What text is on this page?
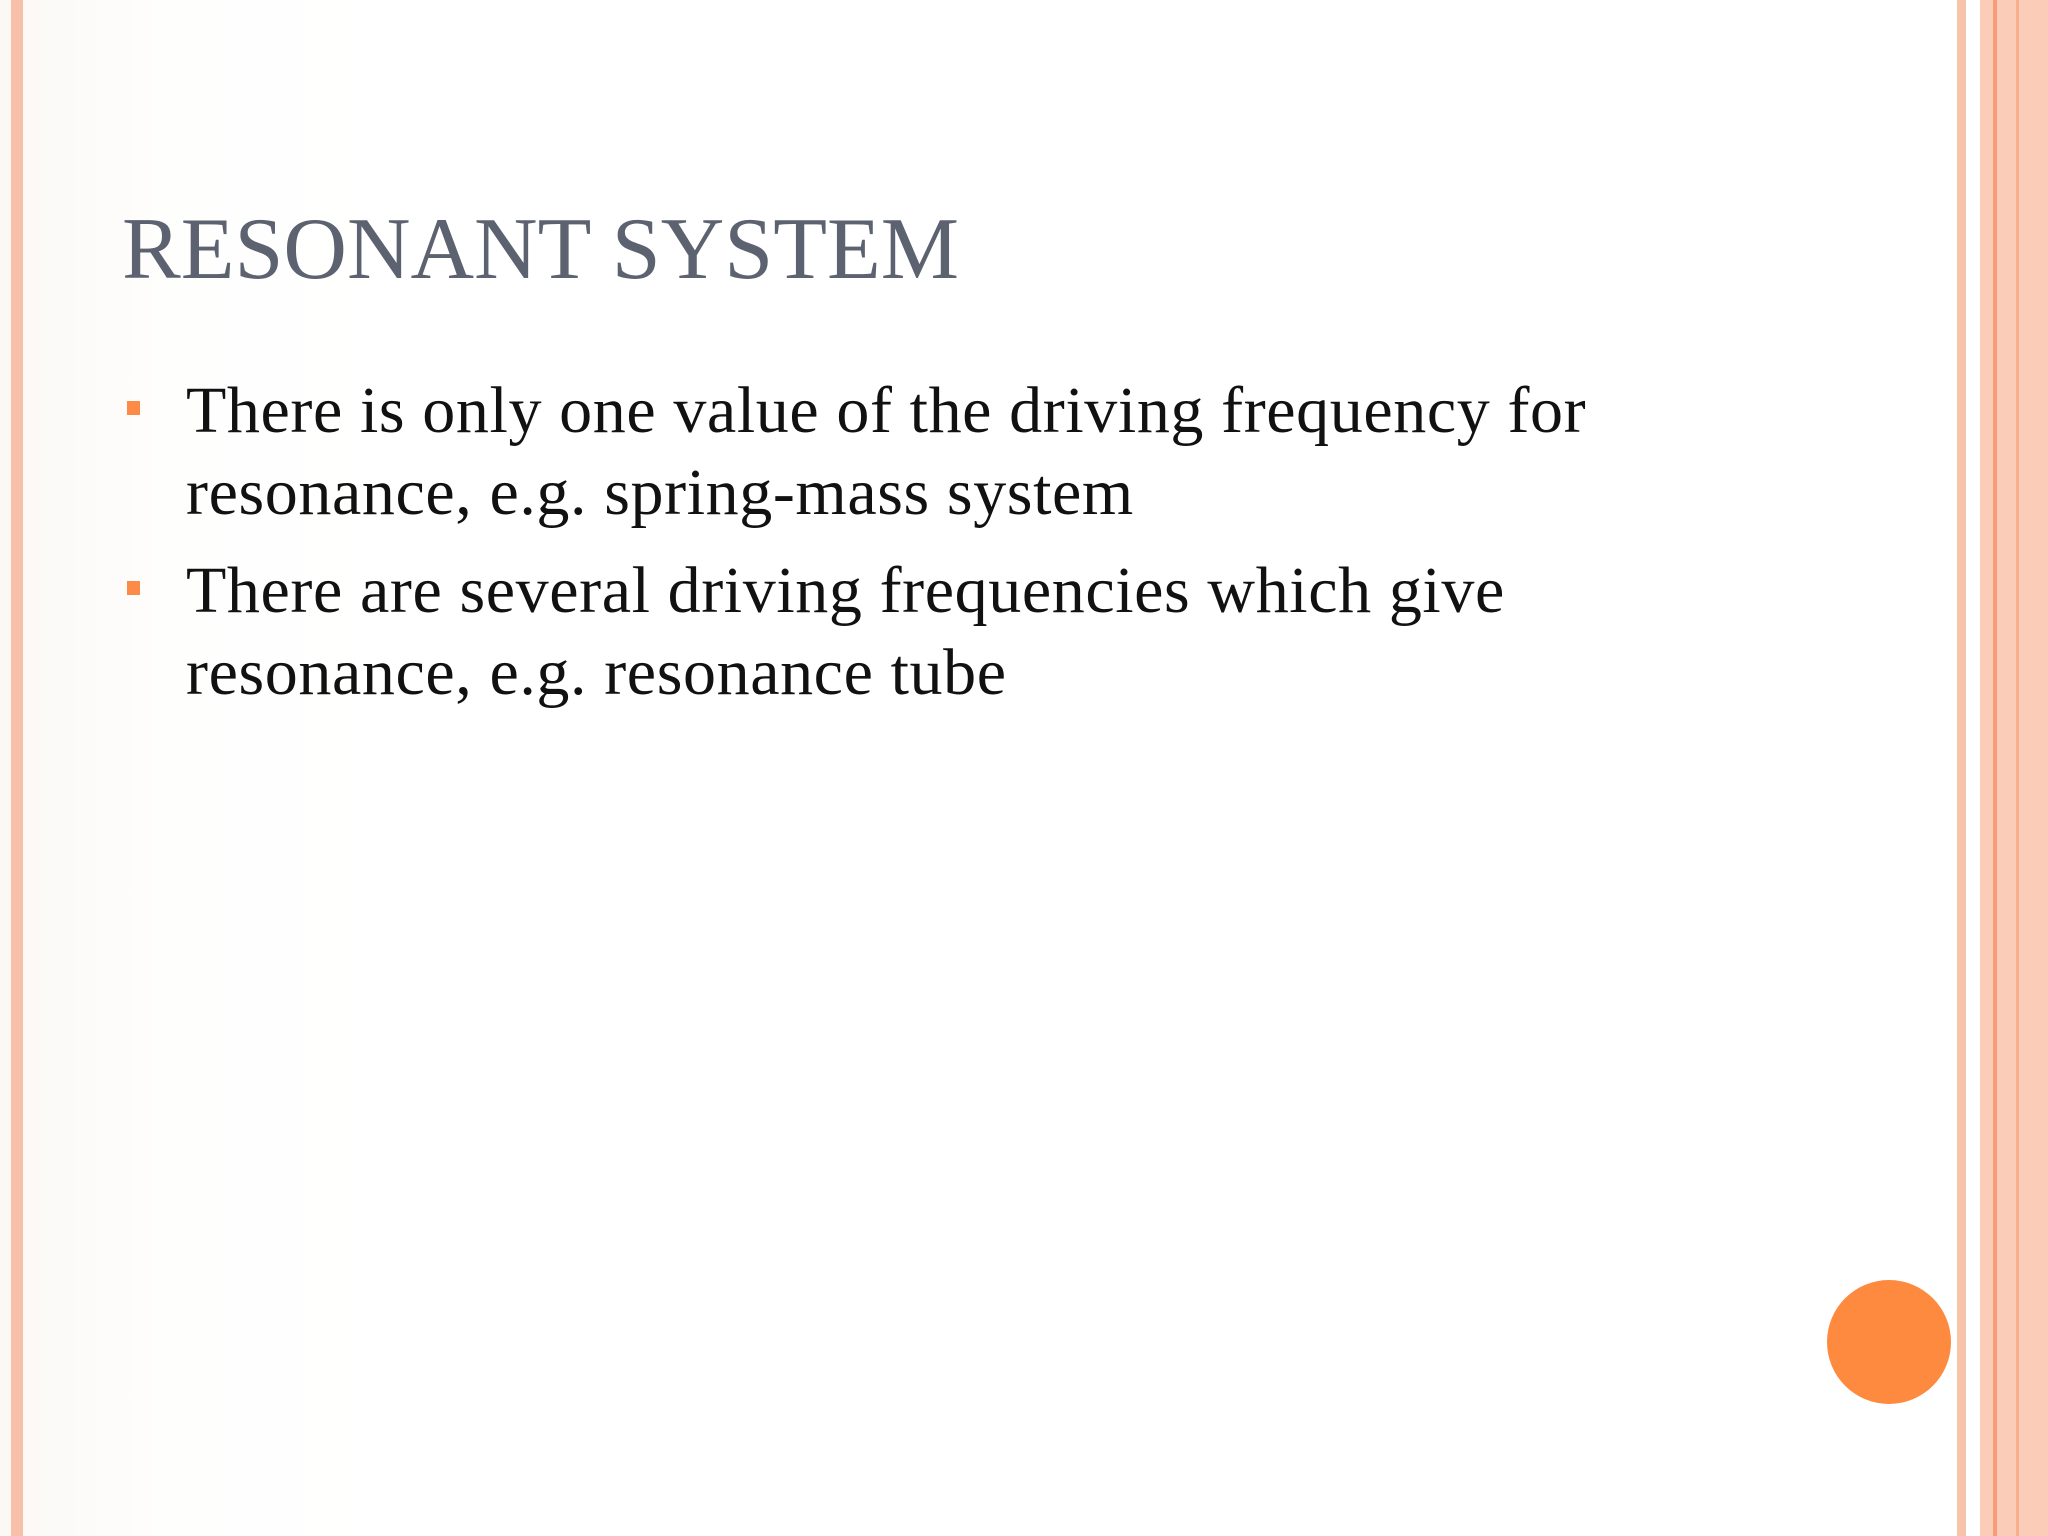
RESONANT SYSTEM
There is only one value of the driving frequency for resonance, e.g. spring-mass system
There are several driving frequencies which give resonance, e.g. resonance tube
